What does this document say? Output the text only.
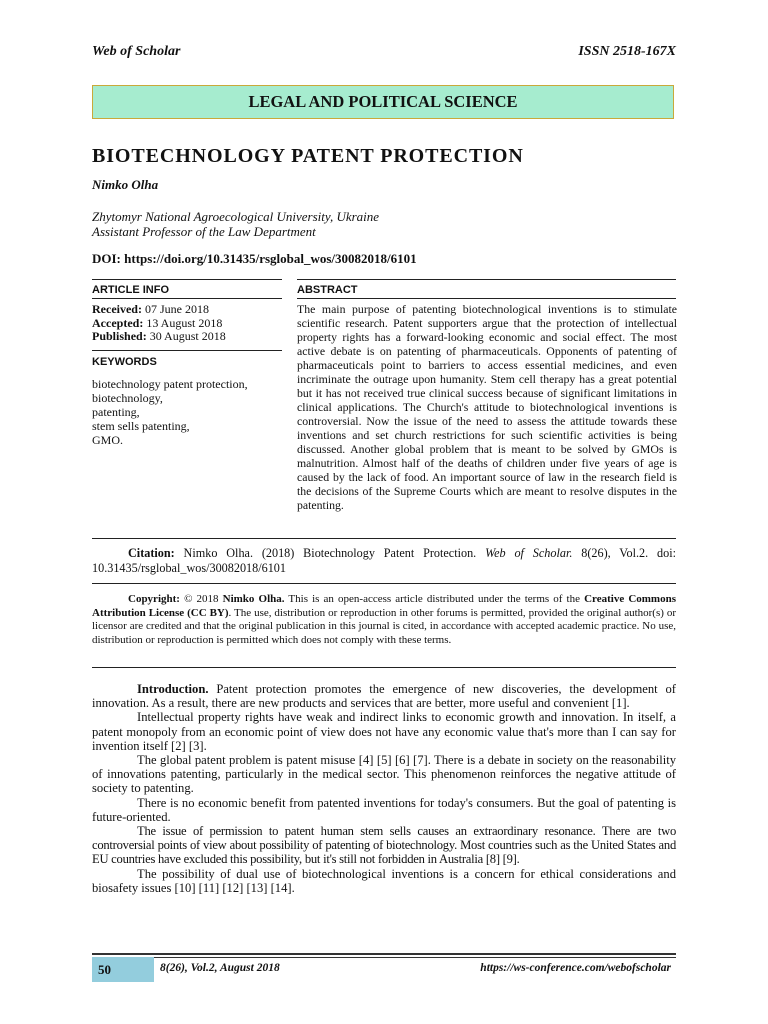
Web of Scholar	ISSN 2518-167X
LEGAL AND POLITICAL SCIENCE
BIOTECHNOLOGY PATENT PROTECTION
Nimko Olha
Zhytomyr National Agroecological University, Ukraine
Assistant Professor of the Law Department
DOI: https://doi.org/10.31435/rsglobal_wos/30082018/6101
ARTICLE INFO	ABSTRACT
Received: 07 June 2018
Accepted: 13 August 2018
Published: 30 August 2018
KEYWORDS
biotechnology patent protection,
biotechnology,
patenting,
stem sells patenting,
GMO.
The main purpose of patenting biotechnological inventions is to stimulate scientific research. Patent supporters argue that the protection of intellectual property rights has a forward-looking economic and social effect. The most active debate is on patenting of pharmaceuticals. Opponents of patenting of pharmaceuticals point to barriers to access essential medicines, and even incriminate the outrage upon humanity. Stem cell therapy has a great potential but it has not received true clinical success because of significant limitations in clinical applications. The Church's attitude to biotechnological inventions is controversial. Now the issue of the need to assess the attitude towards these inventions and set church restrictions for such scientific activities is being discussed. Another global problem that is meant to be solved by GMOs is malnutrition. Almost half of the deaths of children under five years of age is caused by the lack of food. An important source of law in the research field is the decisions of the Supreme Courts which are meant to resolve disputes in the patenting.
Citation: Nimko Olha. (2018) Biotechnology Patent Protection. Web of Scholar. 8(26), Vol.2. doi: 10.31435/rsglobal_wos/30082018/6101
Copyright: © 2018 Nimko Olha. This is an open-access article distributed under the terms of the Creative Commons Attribution License (CC BY). The use, distribution or reproduction in other forums is permitted, provided the original author(s) or licensor are credited and that the original publication in this journal is cited, in accordance with accepted academic practice. No use, distribution or reproduction is permitted which does not comply with these terms.

Introduction. Patent protection promotes the emergence of new discoveries, the development of innovation. As a result, there are new products and services that are better, more useful and convenient [1].

Intellectual property rights have weak and indirect links to economic growth and innovation. In itself, a patent monopoly from an economic point of view does not have any economic value that's more than I can say for invention itself [2] [3].

The global patent problem is patent misuse [4] [5] [6] [7]. There is a debate in society on the reasonability of innovations patenting, particularly in the medical sector. This phenomenon reinforces the negative attitude of society to patenting.

There is no economic benefit from patented inventions for today's consumers. But the goal of patenting is future-oriented.

The issue of permission to patent human stem sells causes an extraordinary resonance. There are two controversial points of view about possibility of patenting of biotechnology. Most countries such as the United States and EU countries have excluded this possibility, but it's still not forbidden in Australia [8] [9].

The possibility of dual use of biotechnological inventions is a concern for ethical considerations and biosafety issues [10] [11] [12] [13] [14].

50	8(26), Vol.2, August 2018	https://ws-conference.com/webofscholar
